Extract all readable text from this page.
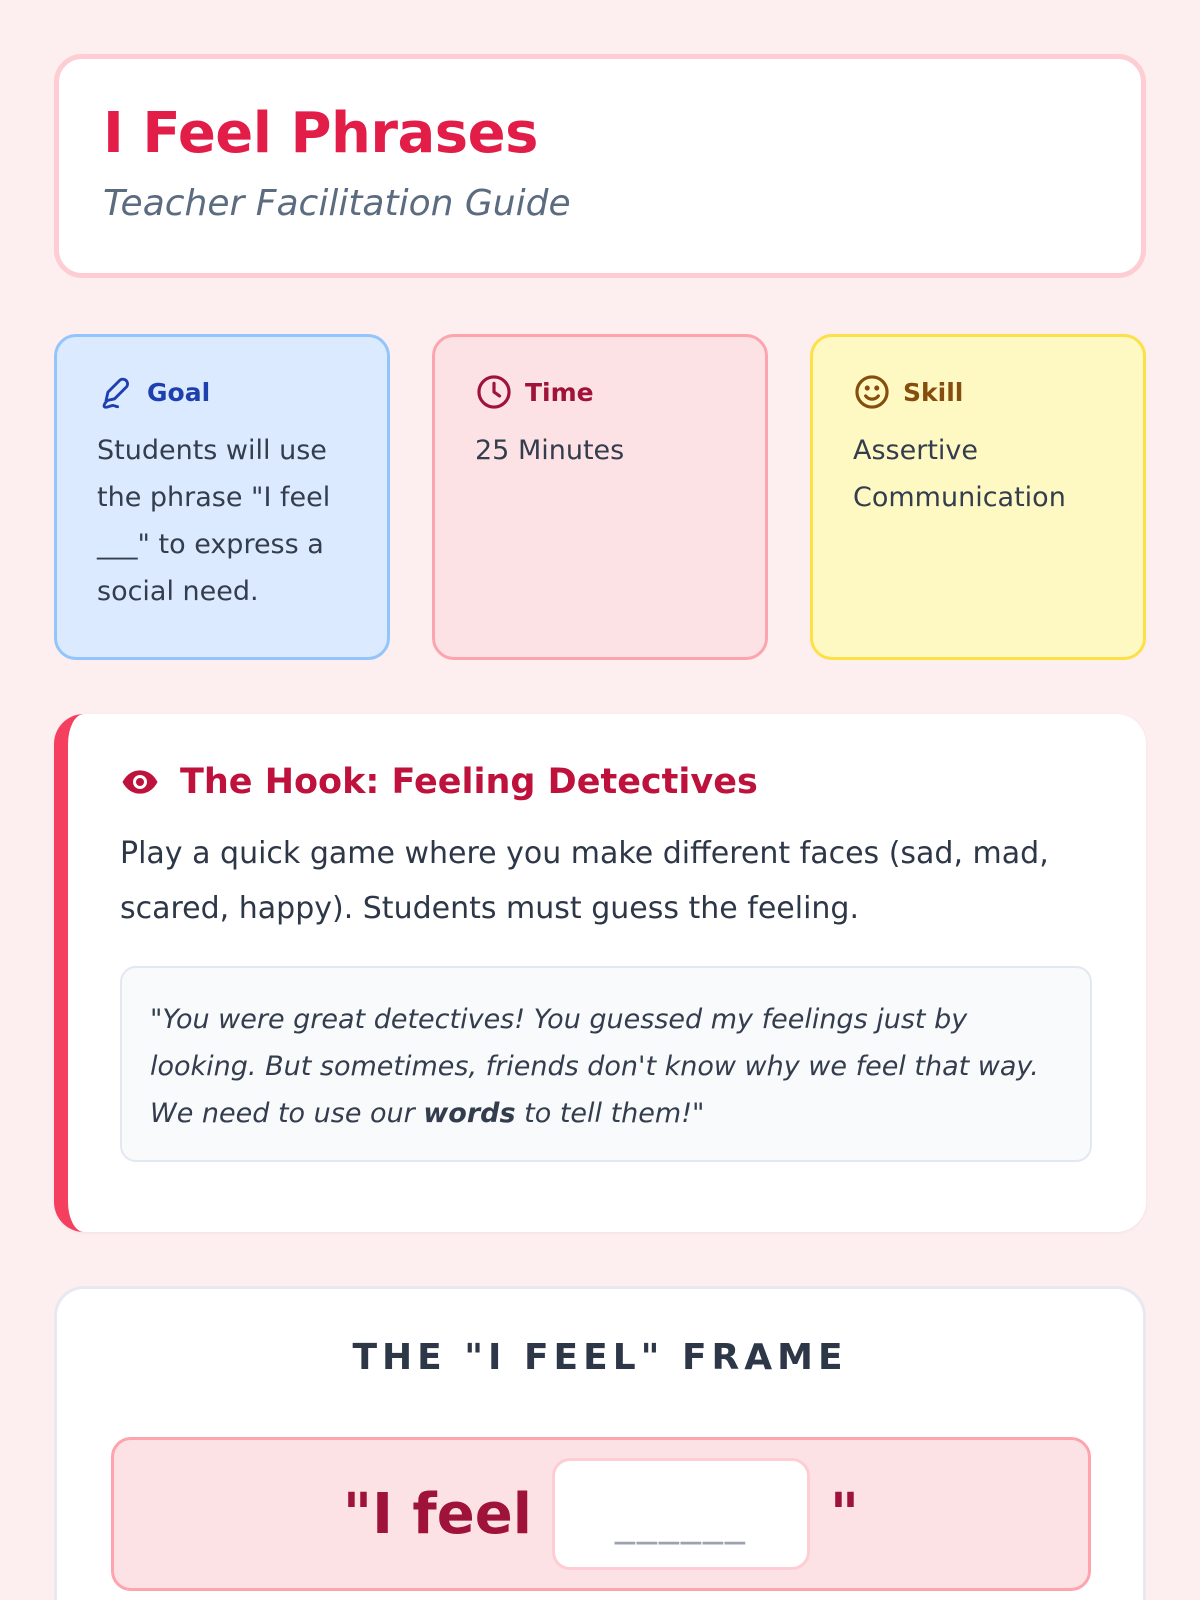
I Feel Phrases
Teacher Facilitation Guide
Goal
Students will use the phrase "I feel ___" to express a social need.
Time
25 Minutes
Skill
Assertive Communication
The Hook: Feeling Detectives
Play a quick game where you make different faces (sad, mad, scared, happy). Students must guess the feeling.
"You were great detectives! You guessed my feelings just by looking. But sometimes, friends don't know why we feel that way. We need to use our words to tell them!"
THE "I FEEL" FRAME
"I feel	______	"
